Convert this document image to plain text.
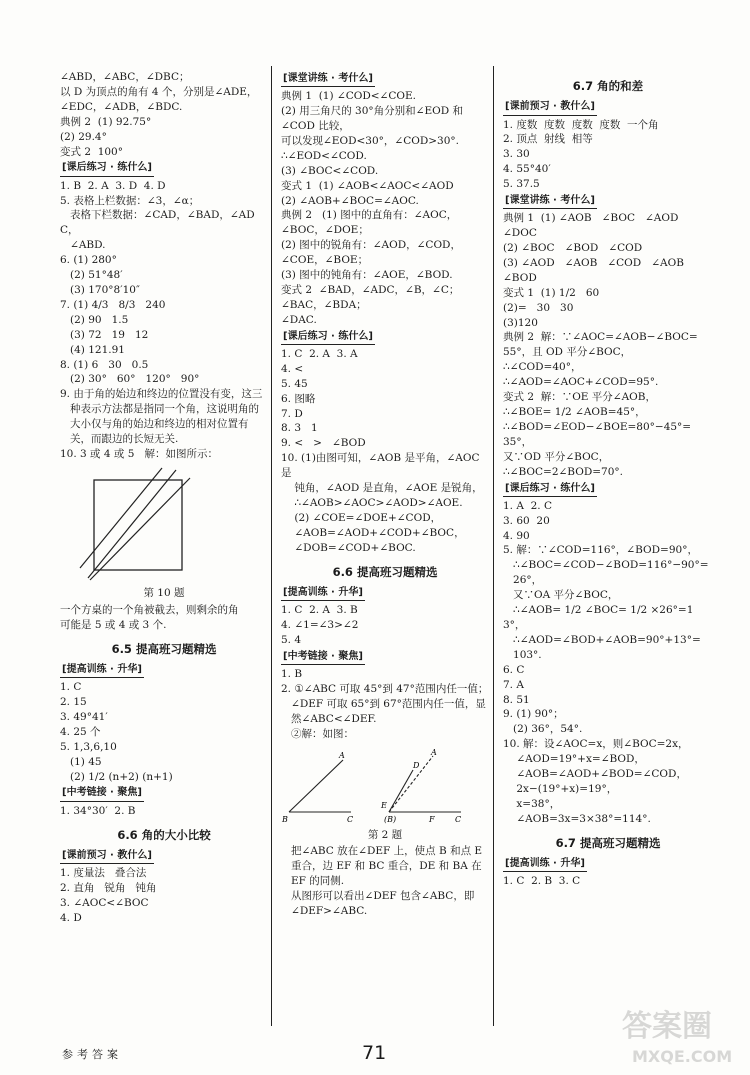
∠ABD，∠ABC，∠DBC；
以 D 为顶点的角有 4 个，分别是∠ADE，
∠EDC，∠ADB，∠BDC.
典例 2  (1) 92.75°
(2) 29.4°
变式 2  100°
[课后练习 · 练什么]
1. B  2. A  3. D  4. D
5. 表格上栏数据：∠3，∠α；
表格下栏数据：∠CAD，∠BAD，∠ADC，
∠ABD.
6. (1) 280°
(2) 51°48′
(3) 170°8′10″
7. (1) 4/3   8/3   240
(2) 90   1.5
(3) 72   19   12
(4) 121.91
8. (1) 6   30   0.5
(2) 30°   60°   120°   90°
9. 由于角的始边和终边的位置没有变，这三
种表示方法都是指同一个角，这说明角的
大小仅与角的始边和终边的相对位置有
关，而跟边的长短无关.
10. 3 或 4 或 5   解：如图所示：
第 10 题
一个方桌的一个角被截去，则剩余的角
可能是 5 或 4 或 3 个.
6.5 提高班习题精选
[提高训练 · 升华]
1. C
2. 15
3. 49°41′
4. 25 个
5. 1,3,6,10
(1) 45
(2) 1/2 (n+2) (n+1)
[中考链接 · 聚焦]
1. 34°30′  2. B
6.6 角的大小比较
[课前预习 · 教什么]
1. 度量法   叠合法
2. 直角   锐角   钝角
3. ∠AOC<∠BOC
4. D
[课堂讲练 · 考什么]
典例 1  (1) ∠COD<∠COE.
(2) 用三角尺的 30°角分别和∠EOD 和
∠COD 比较，
可以发现∠EOD<30°，∠COD>30°.
∴∠EOD<∠COD.
(3) ∠BOC<∠COD.
变式 1  (1) ∠AOB<∠AOC<∠AOD
(2) ∠AOB+∠BOC=∠AOC.
典例 2   (1) 图中的直角有：∠AOC，
∠BOC，∠DOE；
(2) 图中的锐角有：∠AOD，∠COD，
∠COE，∠BOE；
(3) 图中的钝角有：∠AOE，∠BOD.
变式 2  ∠BAD，∠ADC，∠B，∠C；
∠BAC，∠BDA；
∠DAC.
[课后练习 · 练什么]
1. C  2. A  3. A
4. <
5. 45
6. 图略
7. D
8. 3   1
9. <   >   ∠BOD
10. (1)由图可知，∠AOB 是平角，∠AOC 是
钝角，∠AOD 是直角，∠AOE 是锐角，
∴∠AOB>∠AOC>∠AOD>∠AOE.
(2) ∠COE=∠DOE+∠COD，
∠AOB=∠AOD+∠COD+∠BOC，
∠DOB=∠COD+∠BOC.
6.6 提高班习题精选
[提高训练 · 升华]
1. C  2. A  3. B
4. ∠1=∠3>∠2
5. 4
[中考链接 · 聚焦]
1. B
2. ①∠ABC 可取 45°到 47°范围内任一值；
∠DEF 可取 65°到 67°范围内任一值，显
然∠ABC<∠DEF.
②解：如图：
B
A
C
E
(B)
D
A
F	C
第 2 题
把∠ABC 放在∠DEF 上，使点 B 和点 E
重合，边 EF 和 BC 重合，DE 和 BA 在
EF 的同侧.
从图形可以看出∠DEF 包含∠ABC，即
∠DEF>∠ABC.
6.7 角的和差
[课前预习 · 教什么]
1. 度数  度数  度数  度数  一个角
2. 顶点  射线  相等
3. 30
4. 55°40′
5. 37.5
[课堂讲练 · 考什么]
典例 1  (1) ∠AOB   ∠BOC   ∠AOD
∠DOC
(2) ∠BOC   ∠BOD   ∠COD
(3) ∠AOD   ∠AOB   ∠COD   ∠AOB
∠BOD
变式 1  (1) 1/2   60
(2)=   30   30
(3)120
典例 2  解：∵∠AOC=∠AOB−∠BOC=
55°，且 OD 平分∠BOC，
∴∠COD=40°，
∴∠AOD=∠AOC+∠COD=95°.
变式 2  解：∵OE 平分∠AOB，
∴∠BOE= 1/2 ∠AOB=45°，
∴∠BOD=∠EOD−∠BOE=80°−45°=
35°，
又∵OD 平分∠BOC，
∴∠BOC=2∠BOD=70°.
[课后练习 · 练什么]
1. A  2. C
3. 60  20
4. 90
5. 解：∵∠COD=116°，∠BOD=90°，
∴∠BOC=∠COD−∠BOD=116°−90°=
26°，
又∵OA 平分∠BOC，
∴∠AOB= 1/2 ∠BOC= 1/2 ×26°=13°，
∴∠AOD=∠BOD+∠AOB=90°+13°=
103°.
6. C
7. A
8. 51
9. (1) 90°；
(2) 36°，54°.
10. 解：设∠AOC=x，则∠BOC=2x，
∠AOD=19°+x=∠BOD，
∠AOB=∠AOD+∠BOD=∠COD，
2x−(19°+x)=19°，
x=38°，
∠AOB=3x=3×38°=114°.
6.7 提高班习题精选
[提高训练 · 升华]
1. C  2. B  3. C
参考答案	71
答案圈
MXQE.COM
